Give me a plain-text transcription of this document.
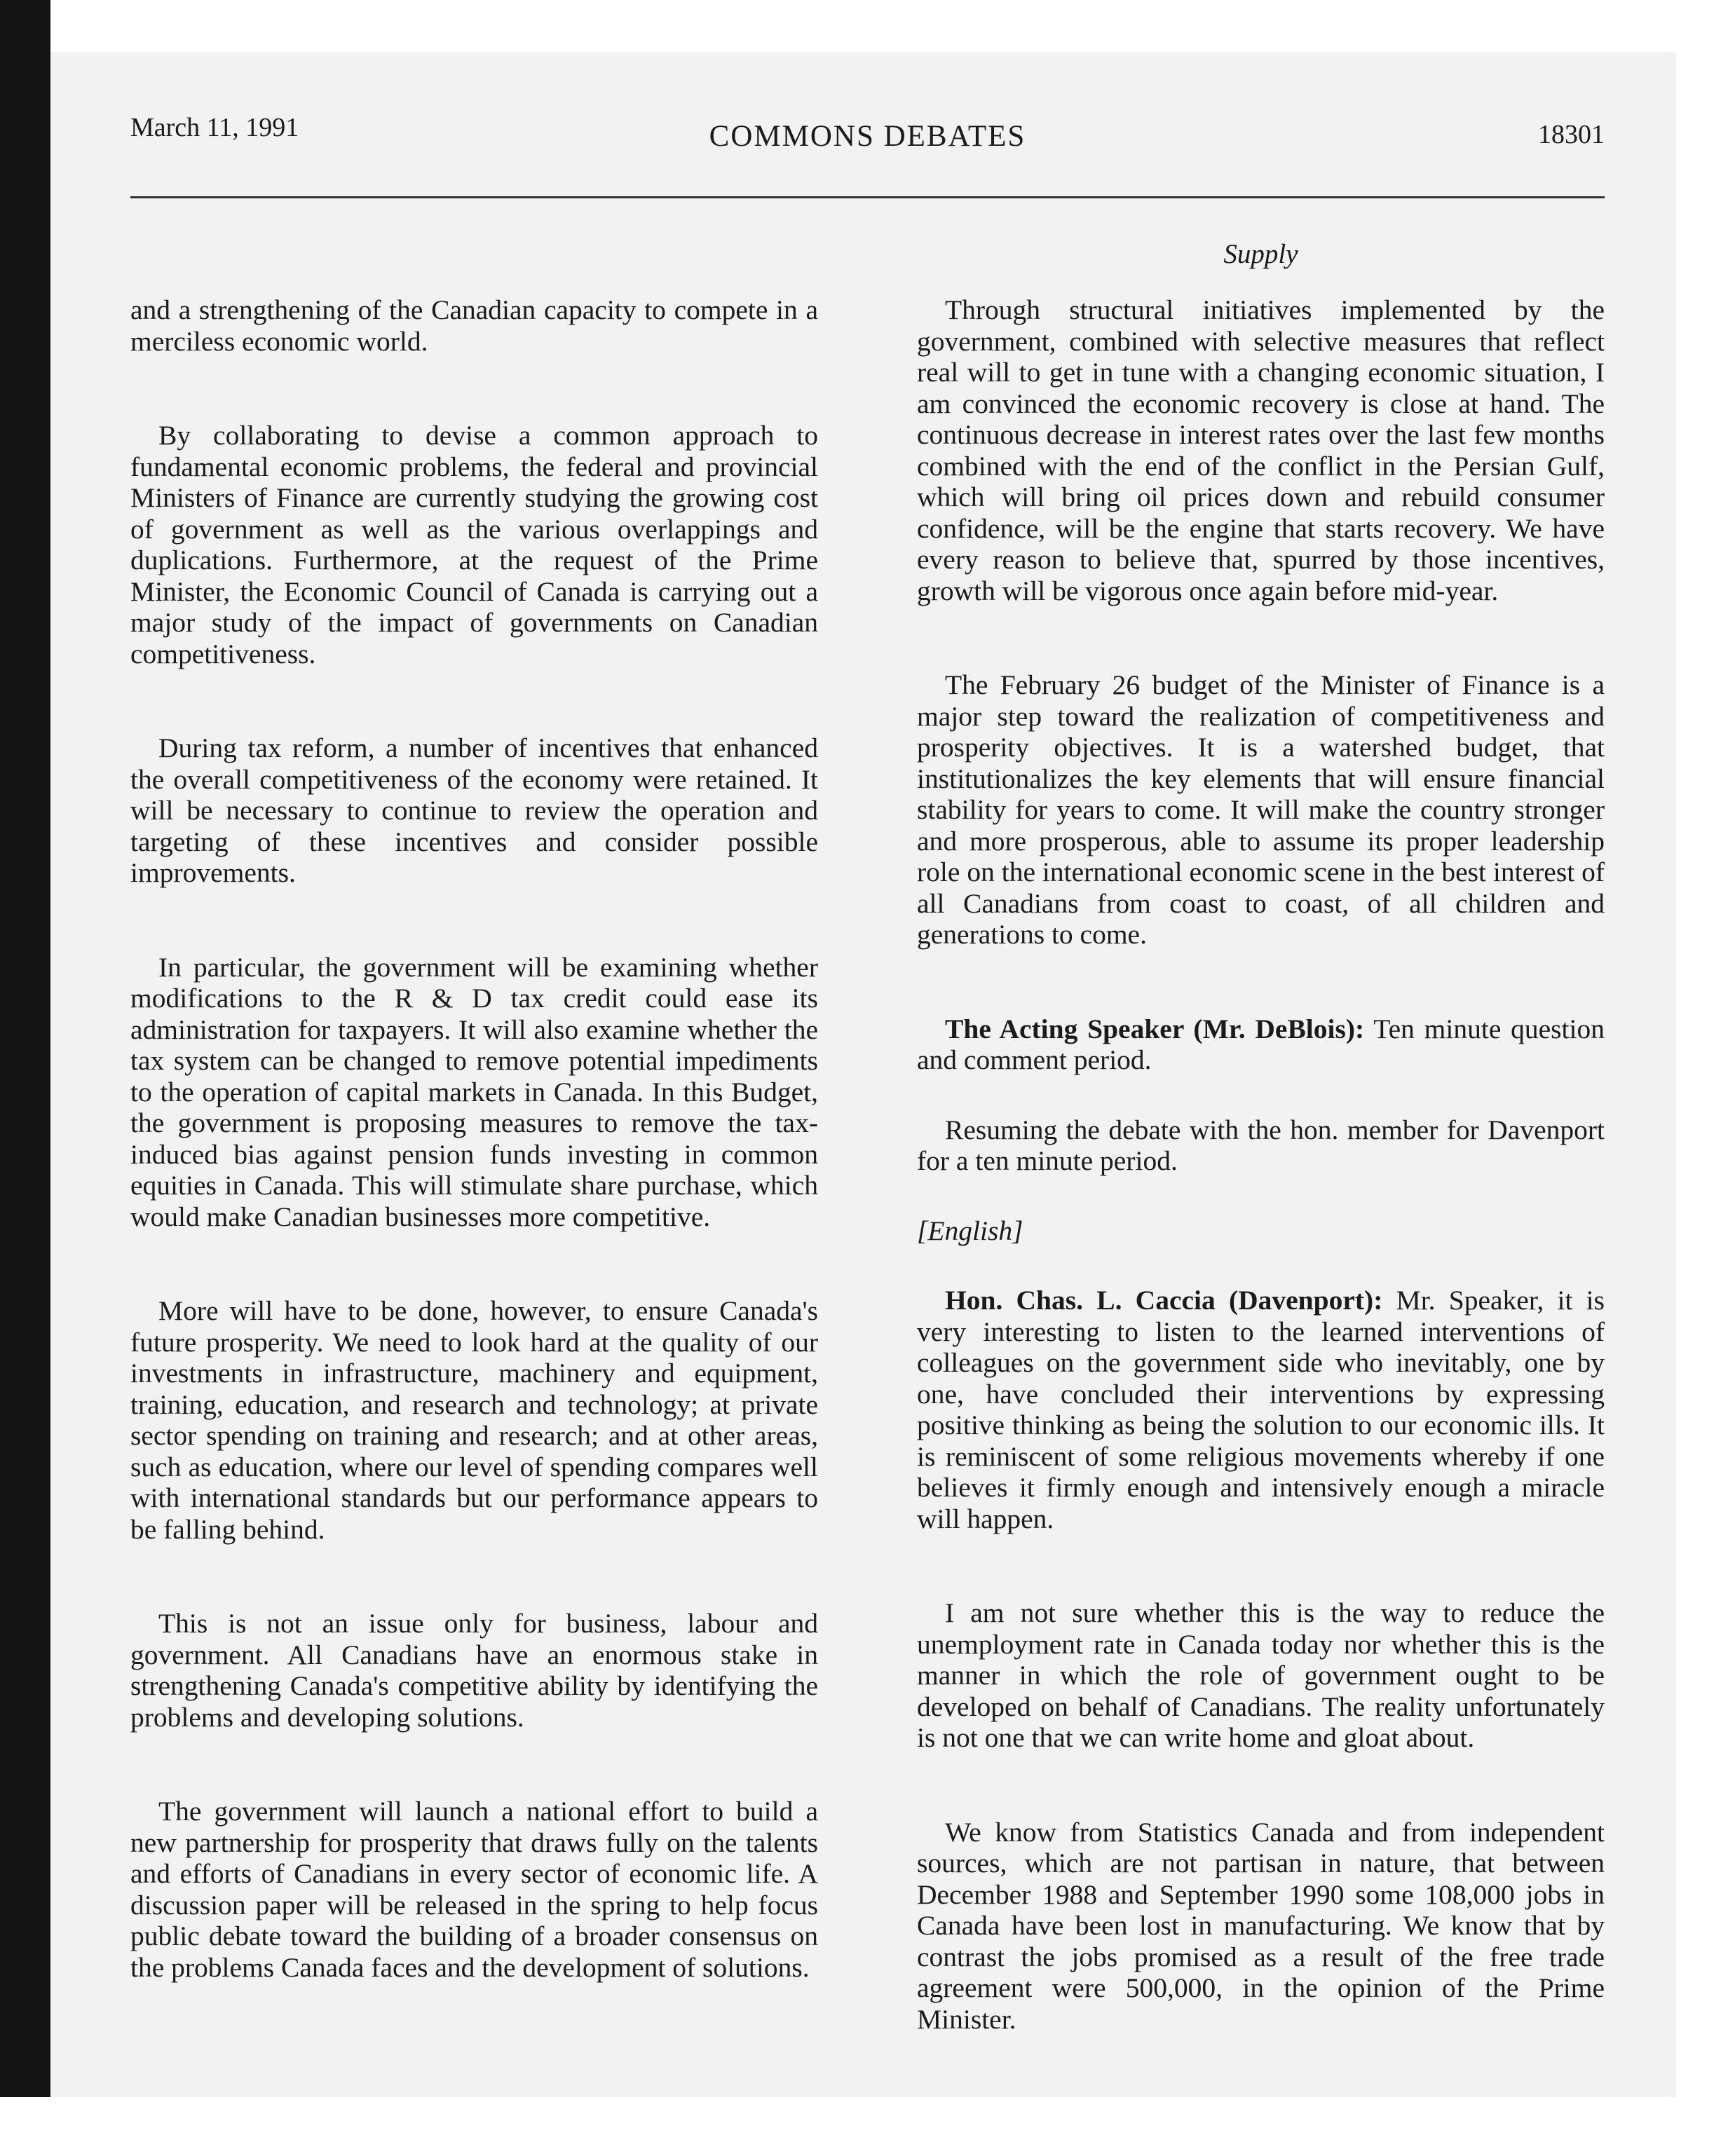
March 11, 1991	COMMONS DEBATES	18301
Supply

and a strengthening of the Canadian capacity to compete in a merciless economic world.

By collaborating to devise a common approach to fundamental economic problems, the federal and provincial Ministers of Finance are currently studying the growing cost of government as well as the various overlappings and duplications. Furthermore, at the request of the Prime Minister, the Economic Council of Canada is carrying out a major study of the impact of governments on Canadian competitiveness.

During tax reform, a number of incentives that enhanced the overall competitiveness of the economy were retained. It will be necessary to continue to review the operation and targeting of these incentives and consider possible improvements.

In particular, the government will be examining whether modifications to the R & D tax credit could ease its administration for taxpayers. It will also examine whether the tax system can be changed to remove potential impediments to the operation of capital markets in Canada. In this Budget, the government is proposing measures to remove the tax-induced bias against pension funds investing in common equities in Canada. This will stimulate share purchase, which would make Canadian businesses more competitive.

More will have to be done, however, to ensure Canada's future prosperity. We need to look hard at the quality of our investments in infrastructure, machinery and equipment, training, education, and research and technology; at private sector spending on training and research; and at other areas, such as education, where our level of spending compares well with international standards but our performance appears to be falling behind.

This is not an issue only for business, labour and government. All Canadians have an enormous stake in strengthening Canada's competitive ability by identifying the problems and developing solutions.

The government will launch a national effort to build a new partnership for prosperity that draws fully on the talents and efforts of Canadians in every sector of economic life. A discussion paper will be released in the spring to help focus public debate toward the building of a broader consensus on the problems Canada faces and the development of solutions.

Through structural initiatives implemented by the government, combined with selective measures that reflect real will to get in tune with a changing economic situation, I am convinced the economic recovery is close at hand. The continuous decrease in interest rates over the last few months combined with the end of the conflict in the Persian Gulf, which will bring oil prices down and rebuild consumer confidence, will be the engine that starts recovery. We have every reason to believe that, spurred by those incentives, growth will be vigorous once again before mid-year.

The February 26 budget of the Minister of Finance is a major step toward the realization of competitiveness and prosperity objectives. It is a watershed budget, that institutionalizes the key elements that will ensure financial stability for years to come. It will make the country stronger and more prosperous, able to assume its proper leadership role on the international economic scene in the best interest of all Canadians from coast to coast, of all children and generations to come.

The Acting Speaker (Mr. DeBlois): Ten minute question and comment period.

Resuming the debate with the hon. member for Davenport for a ten minute period.

[English]

Hon. Chas. L. Caccia (Davenport): Mr. Speaker, it is very interesting to listen to the learned interventions of colleagues on the government side who inevitably, one by one, have concluded their interventions by expressing positive thinking as being the solution to our economic ills. It is reminiscent of some religious movements whereby if one believes it firmly enough and intensively enough a miracle will happen.

I am not sure whether this is the way to reduce the unemployment rate in Canada today nor whether this is the manner in which the role of government ought to be developed on behalf of Canadians. The reality unfortunately is not one that we can write home and gloat about.

We know from Statistics Canada and from independent sources, which are not partisan in nature, that between December 1988 and September 1990 some 108,000 jobs in Canada have been lost in manufacturing. We know that by contrast the jobs promised as a result of the free trade agreement were 500,000, in the opinion of the Prime Minister.
